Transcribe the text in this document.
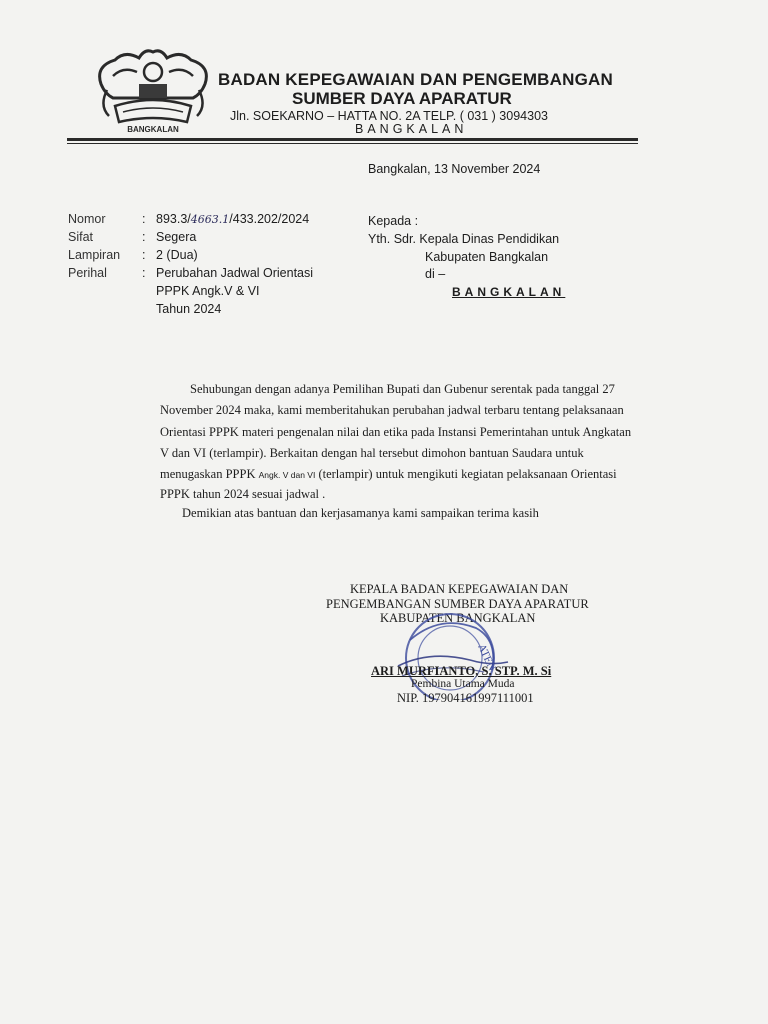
BANGKALAN
BADAN KEPEGAWAIAN DAN PENGEMBANGAN
SUMBER DAYA APARATUR
Jln. SOEKARNO – HATTA NO. 2A TELP. ( 031 ) 3094303
BANGKALAN
Bangkalan, 13 November 2024
Nomor	: 893.3/4663.1/433.202/2024
Sifat	: Segera
Lampiran : 2 (Dua)
Perihal	: Perubahan Jadwal Orientasi
PPPK Angk.V & VI
Tahun 2024
Kepada :
Yth. Sdr. Kepala Dinas Pendidikan
Kabupaten Bangkalan
di –
BANGKALAN
Sehubungan dengan adanya Pemilihan Bupati dan Gubenur serentak pada tanggal 27
November 2024 maka, kami memberitahukan perubahan jadwal terbaru tentang pelaksanaan
Orientasi PPPK materi pengenalan nilai dan etika pada Instansi Pemerintahan untuk Angkatan
V dan VI (terlampir). Berkaitan dengan hal tersebut dimohon bantuan Saudara untuk
menugaskan PPPK Angk. V dan VI (terlampir) untuk mengikuti kegiatan pelaksanaan Orientasi
PPPK tahun 2024 sesuai jadwal .
Demikian atas bantuan dan kerjasamanya kami sampaikan terima kasih
KEPALA BADAN KEPEGAWAIAN DAN
PENGEMBANGAN SUMBER DAYA APARATUR
KABUPATEN BANGKALAN
ATEN
ARI MURFIANTO, S. STP. M. Si
Pembina Utama Muda
NIP. 197904161997111001
